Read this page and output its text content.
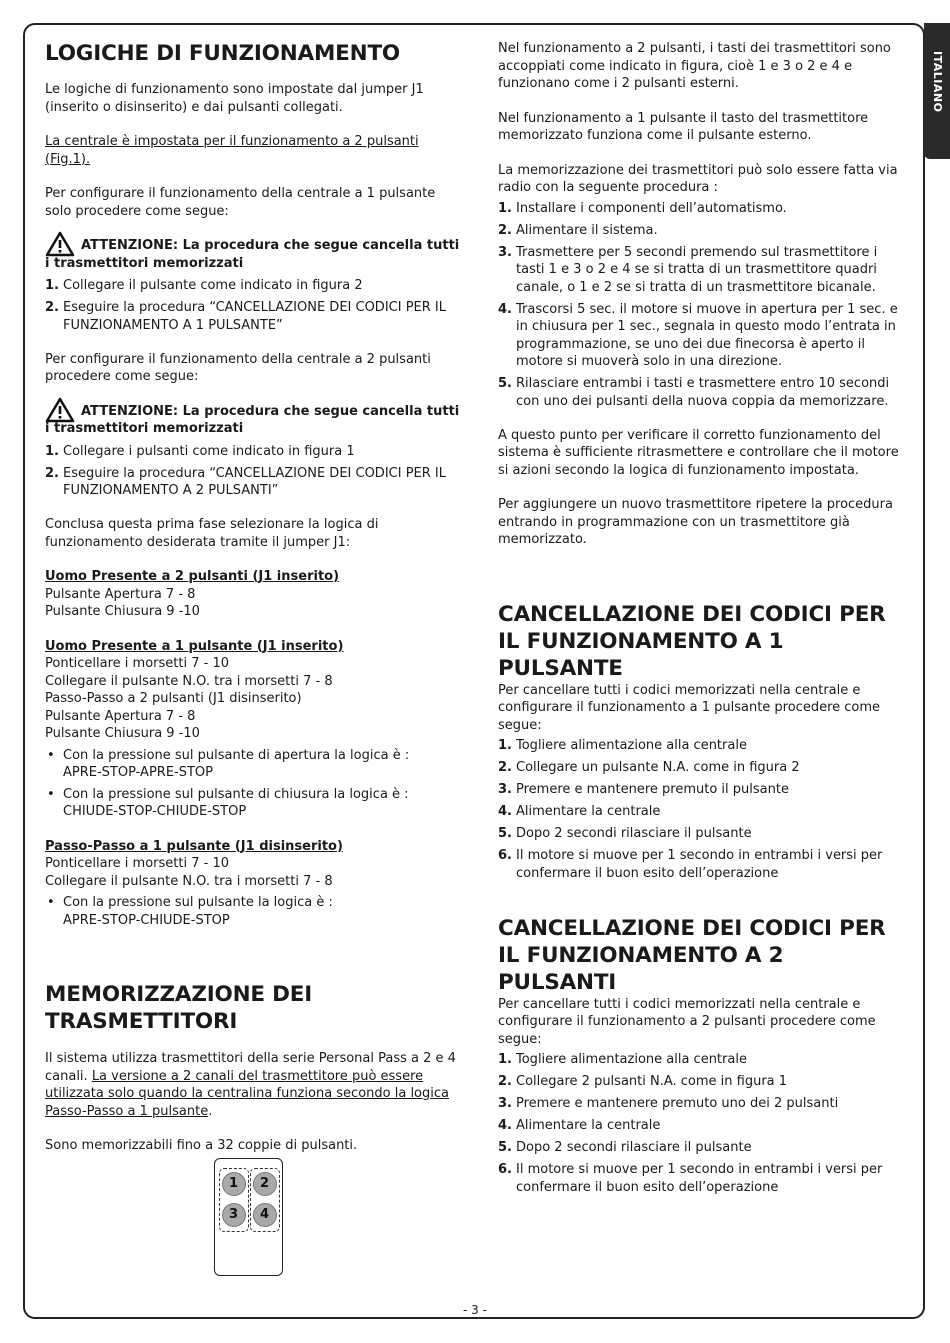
ITALIANO
LOGICHE DI FUNZIONAMENTO

Le logiche di funzionamento sono impostate dal jumper J1 (inserito o disinserito) e dai pulsanti collegati.

La centrale è impostata per il funzionamento a 2 pulsanti (Fig.1).

Per configurare il funzionamento della centrale a 1 pulsante solo procedere come segue:

ATTENZIONE: La procedura che segue cancella tutti i trasmettitori memorizzati

1. Collegare il pulsante come indicato in figura 2
2. Eseguire la procedura “CANCELLAZIONE DEI CODICI PER IL FUNZIONAMENTO A 1 PULSANTE”

Per configurare il funzionamento della centrale a 2 pulsanti procedere come segue:

ATTENZIONE: La procedura che segue cancella tutti i trasmettitori memorizzati

1. Collegare i pulsanti come indicato in figura 1
2. Eseguire la procedura “CANCELLAZIONE DEI CODICI PER IL FUNZIONAMENTO A 2 PULSANTI”

Conclusa questa prima fase selezionare la logica di funzionamento desiderata tramite il jumper J1:

Uomo Presente a 2 pulsanti (J1 inserito)

Pulsante Apertura 7 - 8

Pulsante Chiusura 9 -10

Uomo Presente a 1 pulsante (J1 inserito)

Ponticellare i morsetti 7 - 10

Collegare il pulsante N.O. tra i morsetti 7 - 8

Passo-Passo a 2 pulsanti (J1 disinserito)

Pulsante Apertura 7 - 8

Pulsante Chiusura 9 -10

• Con la pressione sul pulsante di apertura la logica è :
APRE-STOP-APRE-STOP
• Con la pressione sul pulsante di chiusura la logica è :
CHIUDE-STOP-CHIUDE-STOP

Passo-Passo a 1 pulsante (J1 disinserito)

Ponticellare i morsetti 7 - 10

Collegare il pulsante N.O. tra i morsetti 7 - 8

• Con la pressione sul pulsante la logica è :
APRE-STOP-CHIUDE-STOP
MEMORIZZAZIONE DEI TRASMETTITORI

Il sistema utilizza trasmettitori della serie Personal Pass a 2 e 4 canali. La versione a 2 canali del trasmettitore può essere utilizzata solo quando la centralina funziona secondo la logica Passo-Passo a 1 pulsante.

Sono memorizzabili fino a 32 coppie di pulsanti.

1
3
2
4

Nel funzionamento a 2 pulsanti, i tasti dei trasmettitori sono accoppiati come indicato in figura, cioè 1 e 3 o 2 e 4 e funzionano come i 2 pulsanti esterni.

Nel funzionamento a 1 pulsante il tasto del trasmettitore memorizzato funziona come il pulsante esterno.

La memorizzazione dei trasmettitori può solo essere fatta via radio con la seguente procedura :

1. Installare i componenti dell’automatismo.
2. Alimentare il sistema.
3. Trasmettere per 5 secondi premendo sul trasmettitore i tasti 1 e 3 o 2 e 4 se si tratta di un trasmettitore quadri canale, o 1 e 2 se si tratta di un trasmettitore bicanale.
4. Trascorsi 5 sec. il motore si muove in apertura per 1 sec. e in chiusura per 1 sec., segnala in questo modo l’entrata in programmazione, se uno dei due finecorsa è aperto il motore si muoverà solo in una direzione.
5. Rilasciare entrambi i tasti e trasmettere entro 10 secondi con uno dei pulsanti della nuova coppia da memorizzare.

A questo punto per verificare il corretto funzionamento del sistema è sufficiente ritrasmettere e controllare che il motore si azioni secondo la logica di funzionamento impostata.

Per aggiungere un nuovo trasmettitore ripetere la procedura entrando in programmazione con un trasmettitore già memorizzato.

CANCELLAZIONE DEI CODICI PER IL FUNZIONAMENTO A 1 PULSANTE

Per cancellare tutti i codici memorizzati nella centrale e configurare il funzionamento a 1 pulsante procedere come segue:

1. Togliere alimentazione alla centrale
2. Collegare un pulsante N.A. come in figura 2
3. Premere e mantenere premuto il pulsante
4. Alimentare la centrale
5. Dopo 2 secondi rilasciare il pulsante
6. Il motore si muove per 1 secondo in entrambi i versi per confermare il buon esito dell’operazione
CANCELLAZIONE DEI CODICI PER IL FUNZIONAMENTO A 2 PULSANTI

Per cancellare tutti i codici memorizzati nella centrale e configurare il funzionamento a 2 pulsanti procedere come segue:

1. Togliere alimentazione alla centrale
2. Collegare 2 pulsanti N.A. come in figura 1
3. Premere e mantenere premuto uno dei 2 pulsanti
4. Alimentare la centrale
5. Dopo 2 secondi rilasciare il pulsante
6. Il motore si muove per 1 secondo in entrambi i versi per confermare il buon esito dell’operazione
- 3 -
